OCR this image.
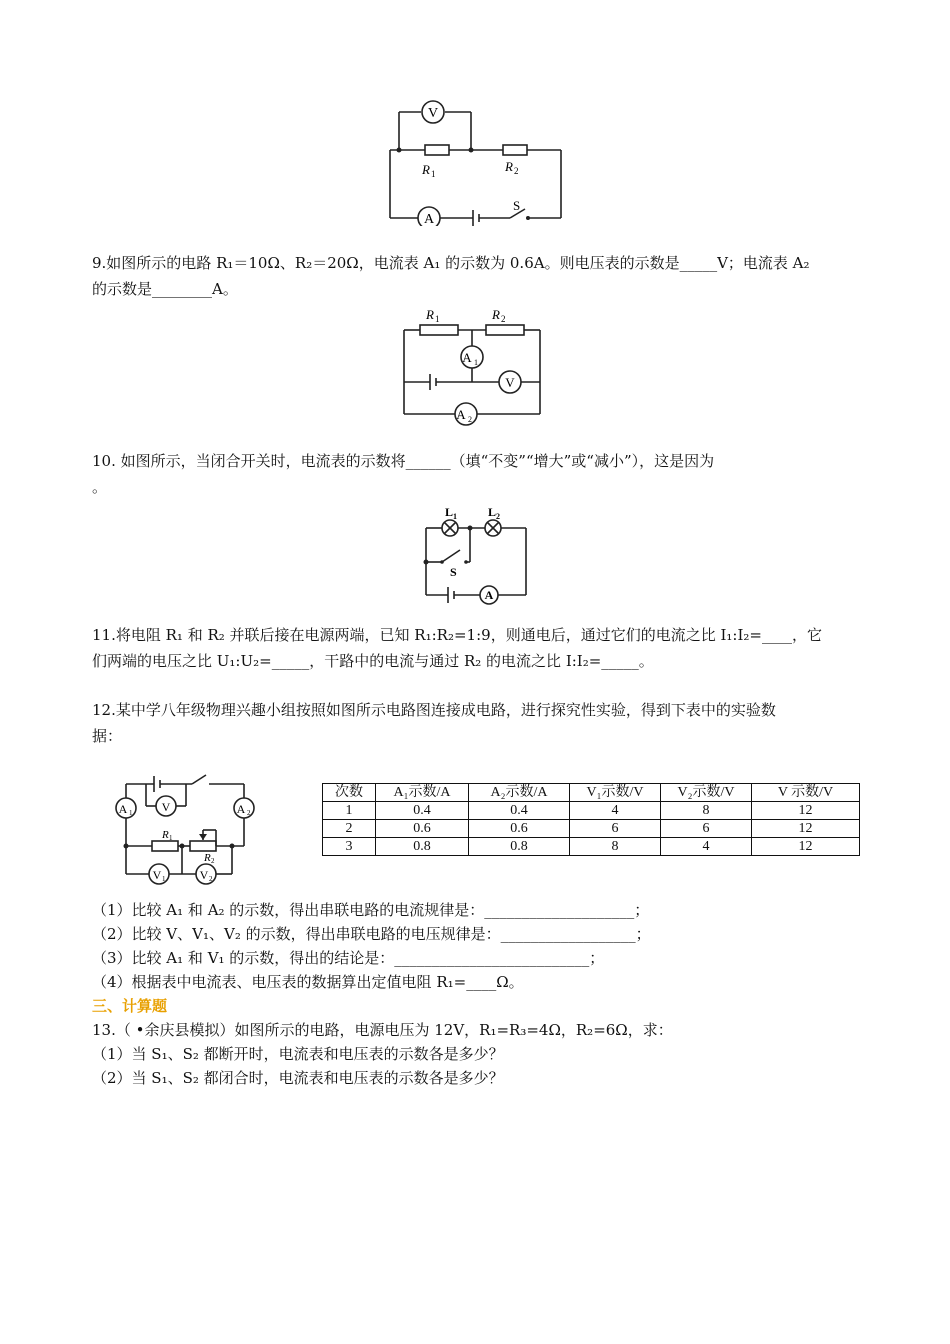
V
A
S
R 1	R 2
9.如图所示的电路 R₁＝10Ω、R₂＝20Ω，电流表 A₁ 的示数为 0.6A。则电压表的示数是_____V；电流表 A₂
的示数是________A。
R 1	R 2
A 1
V
A 2
10. 如图所示，当闭合开关时，电流表的示数将______（填“不变”“增大”或“减小”），这是因为
。
L 1	L 2
S
A
11.将电阻 R₁ 和 R₂ 并联后接在电源两端，已知 R₁:R₂=1:9，则通电后，通过它们的电流之比 I₁:I₂=____，它
们两端的电压之比 U₁:U₂=_____，干路中的电流与通过 R₂ 的电流之比 I:I₂=_____。
12.某中学八年级物理兴趣小组按照如图所示电路图连接成电路，进行探究性实验，得到下表中的实验数
据：
A 1 V	A 2
R 1
R 2
V 1	V 2
次数	A₁示数/A	A₂示数/A	V₁示数/V	V₂示数/V	V 示数/V
1	0.4	0.4	4	8	12
2	0.6	0.6	6	6	12
3	0.8	0.8	8	4	12
（1）比较 A₁ 和 A₂ 的示数，得出串联电路的电流规律是：____________________；
（2）比较 V、V₁、V₂ 的示数，得出串联电路的电压规律是：__________________；
（3）比较 A₁ 和 V₁ 的示数，得出的结论是：__________________________；
（4）根据表中电流表、电压表的数据算出定值电阻 R₁=____Ω。
三、计算题
13.（ •余庆县模拟）如图所示的电路，电源电压为 12V，R₁=R₃=4Ω，R₂=6Ω，求：
（1）当 S₁、S₂ 都断开时，电流表和电压表的示数各是多少？
（2）当 S₁、S₂ 都闭合时，电流表和电压表的示数各是多少？
